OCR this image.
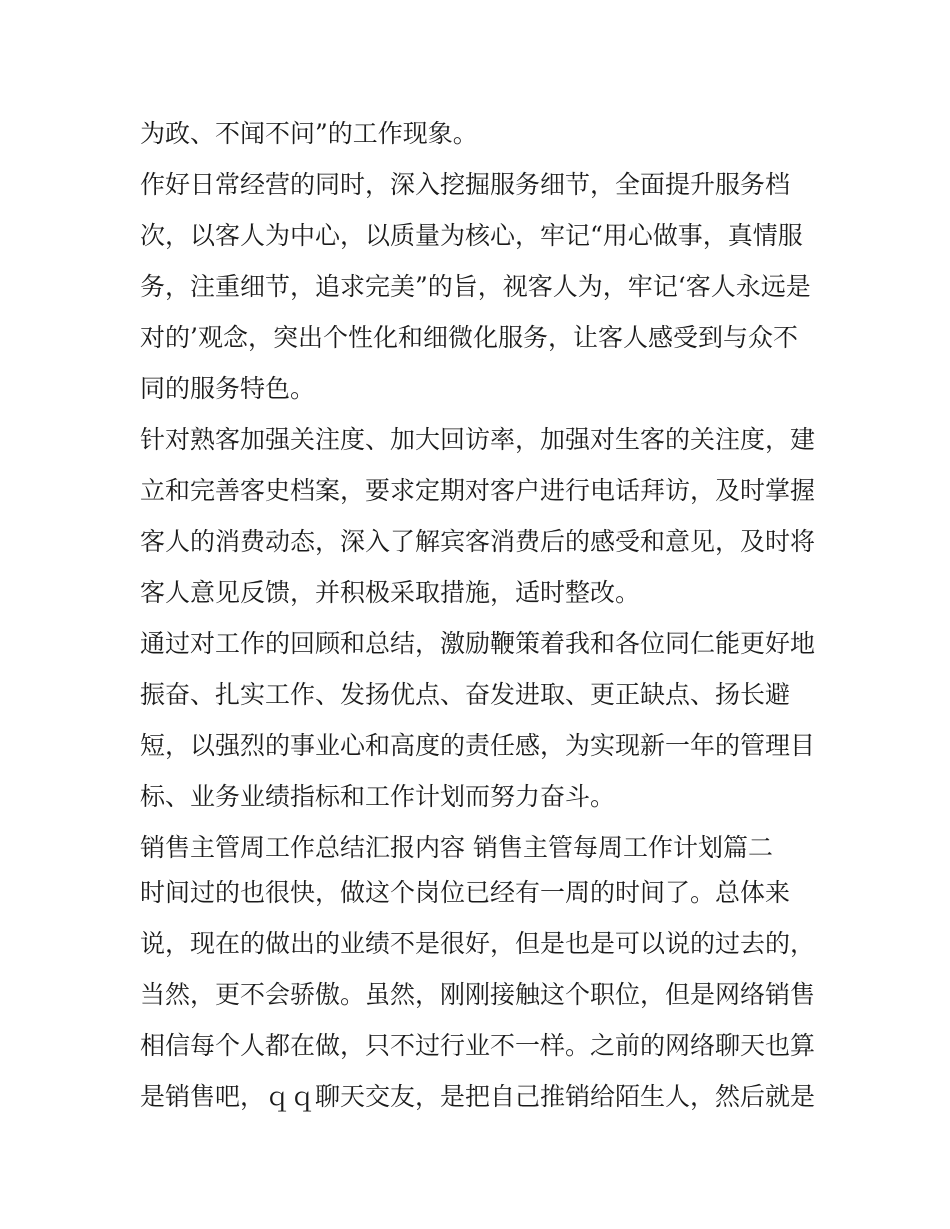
为政、不闻不问”的工作现象。
作好日常经营的同时，深入挖掘服务细节，全面提升服务档
次，以客人为中心，以质量为核心，牢记“用心做事，真情服
务，注重细节，追求完美”的旨，视客人为，牢记‘客人永远是
对的’观念，突出个性化和细微化服务，让客人感受到与众不
同的服务特色。
针对熟客加强关注度、加大回访率，加强对生客的关注度，建
立和完善客史档案，要求定期对客户进行电话拜访，及时掌握
客人的消费动态，深入了解宾客消费后的感受和意见，及时将
客人意见反馈，并积极采取措施，适时整改。
通过对工作的回顾和总结，激励鞭策着我和各位同仁能更好地
振奋、扎实工作、发扬优点、奋发进取、更正缺点、扬长避
短，以强烈的事业心和高度的责任感，为实现新一年的管理目
标、业务业绩指标和工作计划而努力奋斗。
销售主管周工作总结汇报内容 销售主管每周工作计划篇二
时间过的也很快，做这个岗位已经有一周的时间了。总体来
说，现在的做出的业绩不是很好，但是也是可以说的过去的，
当然，更不会骄傲。虽然，刚刚接触这个职位，但是网络销售
相信每个人都在做，只不过行业不一样。之前的网络聊天也算
是销售吧，ｑｑ聊天交友，是把自己推销给陌生人，然后就是
